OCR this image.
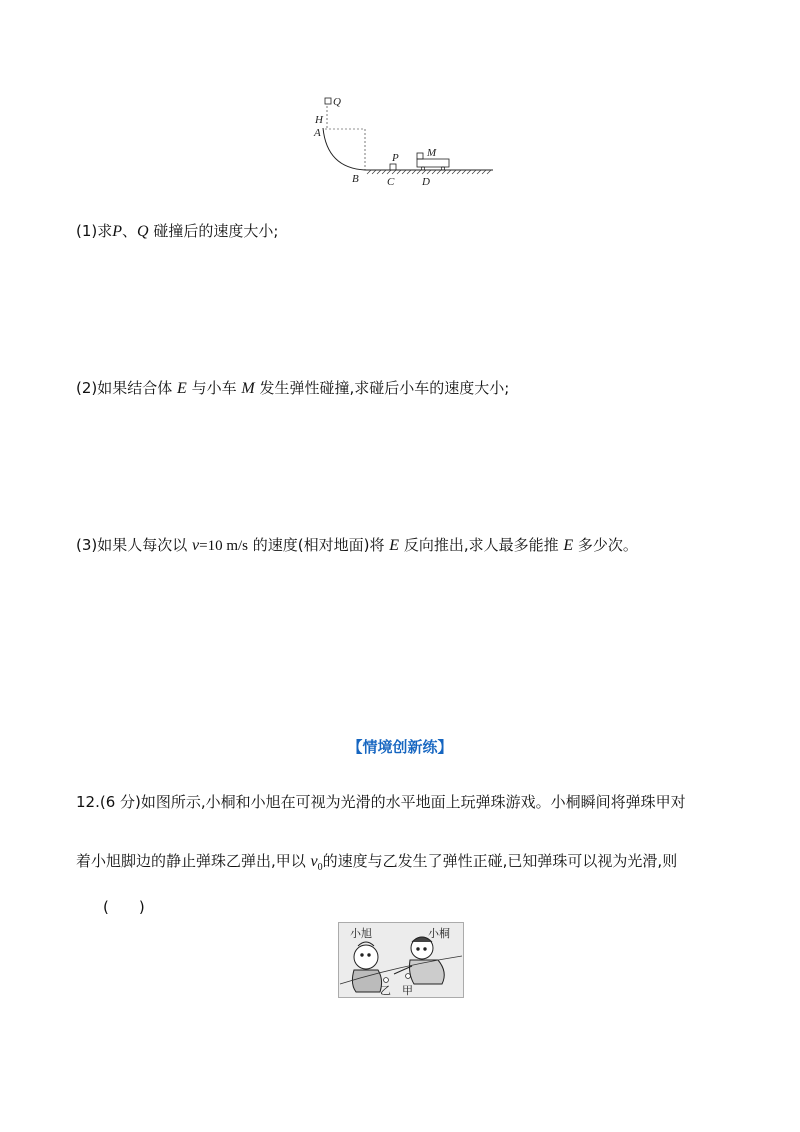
Q
H
A
B
P
C
M
D
(1)求P、Q 碰撞后的速度大小;
(2)如果结合体 E 与小车 M 发生弹性碰撞,求碰后小车的速度大小;
(3)如果人每次以 v=10 m/s 的速度(相对地面)将 E 反向推出,求人最多能推 E 多少次。
【情境创新练】
12.(6 分)如图所示,小桐和小旭在可视为光滑的水平地面上玩弹珠游戏。小桐瞬间将弹珠甲对
着小旭脚边的静止弹珠乙弹出,甲以 $v_0$的速度与乙发生了弹性正碰,已知弹珠可以视为光滑,则
(　　)
小旭	小桐
乙 甲
